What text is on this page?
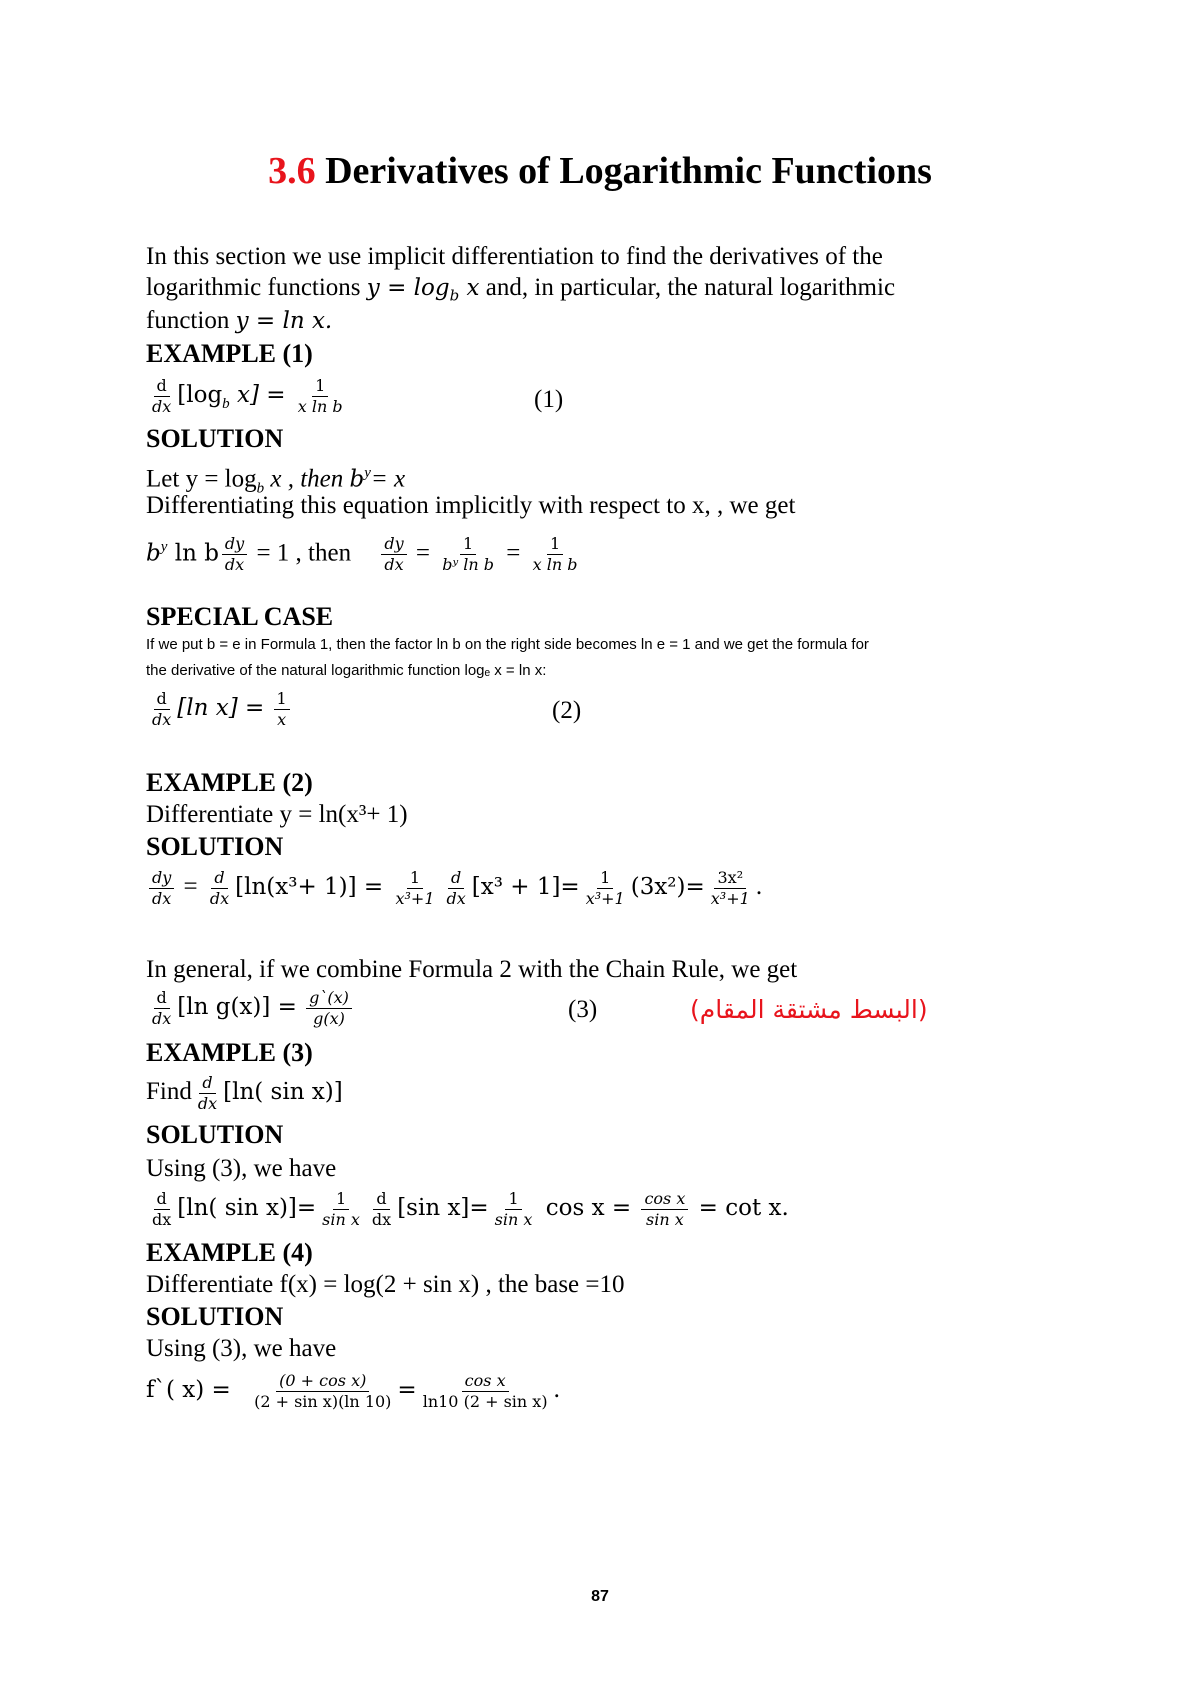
3.6 Derivatives of Logarithmic Functions
In this section we use implicit differentiation to find the derivatives of the
logarithmic functions $y = \log_b x$ and, in particular, the natural logarithmic
function y = ln x.
EXAMPLE (1)
$\frac{d}{dx} [\log_b$ $x] = \frac{1}{\text{x ln b}}$	(1)
SOLUTION
Let $y = \log_b x$ , then $b^y= x$
Differentiating this equation implicitly with respect to x, , we get
$b^y$ ln b $\frac{dy}{dx} = 1$ , then $\frac{dy}{dx} = \frac{1}{\text{bʸ ln b}} = \frac{1}{\text{x ln b}}$
SPECIAL CASE
If we put b = e in Formula 1, then the factor ln b on the right side becomes ln e = 1 and we get the formula for
the derivative of the natural logarithmic function logₑ x = ln x:
$\frac{d}{dx} [\ln$ $x] = \frac{1}{x}$	(2)
EXAMPLE (2)
Differentiate y = ln(x³+ 1)
SOLUTION
$\frac{dy}{dx} = \frac{d}{dx} [\ln(x^3+ 1)] = \frac{1}{\text{x³+1}} \frac{d}{dx} [x^3 + 1]= \frac{1}{\text{x³+1}} (3x^2)= \frac{\text{3x²}}{\text{x³+1}}$ .
In general, if we combine Formula 2 with the Chain Rule, we get
$\frac{d}{dx} [\ln$ $g(x)] = \frac{g`(x)}{g(x)}$	(3)	(البسط مشتقة المقام)
EXAMPLE (3)
Find $\frac{d}{dx} [\ln$( sin x)]
SOLUTION
Using (3), we have
$\frac{d}{dx} [\ln$( $\sin x)]= \frac{1}{\text{sin x}} \frac{d}{dx} [\sin$ $x]= \frac{1}{\text{sin x}}$ $\cos x = \frac{\text{cos x}}{\text{sin x}} = \cot x$.
EXAMPLE (4)
Differentiate f(x) = log(2 + sin x) , the base =10
SOLUTION
Using (3), we have
f`( $x) = \frac{\text{(0 + cos x)}}{\text{(2 + sin x)(ln 10)}} = \frac{\text{cos x}}{\text{ln10 (2 + sin x)}}$ .
87
